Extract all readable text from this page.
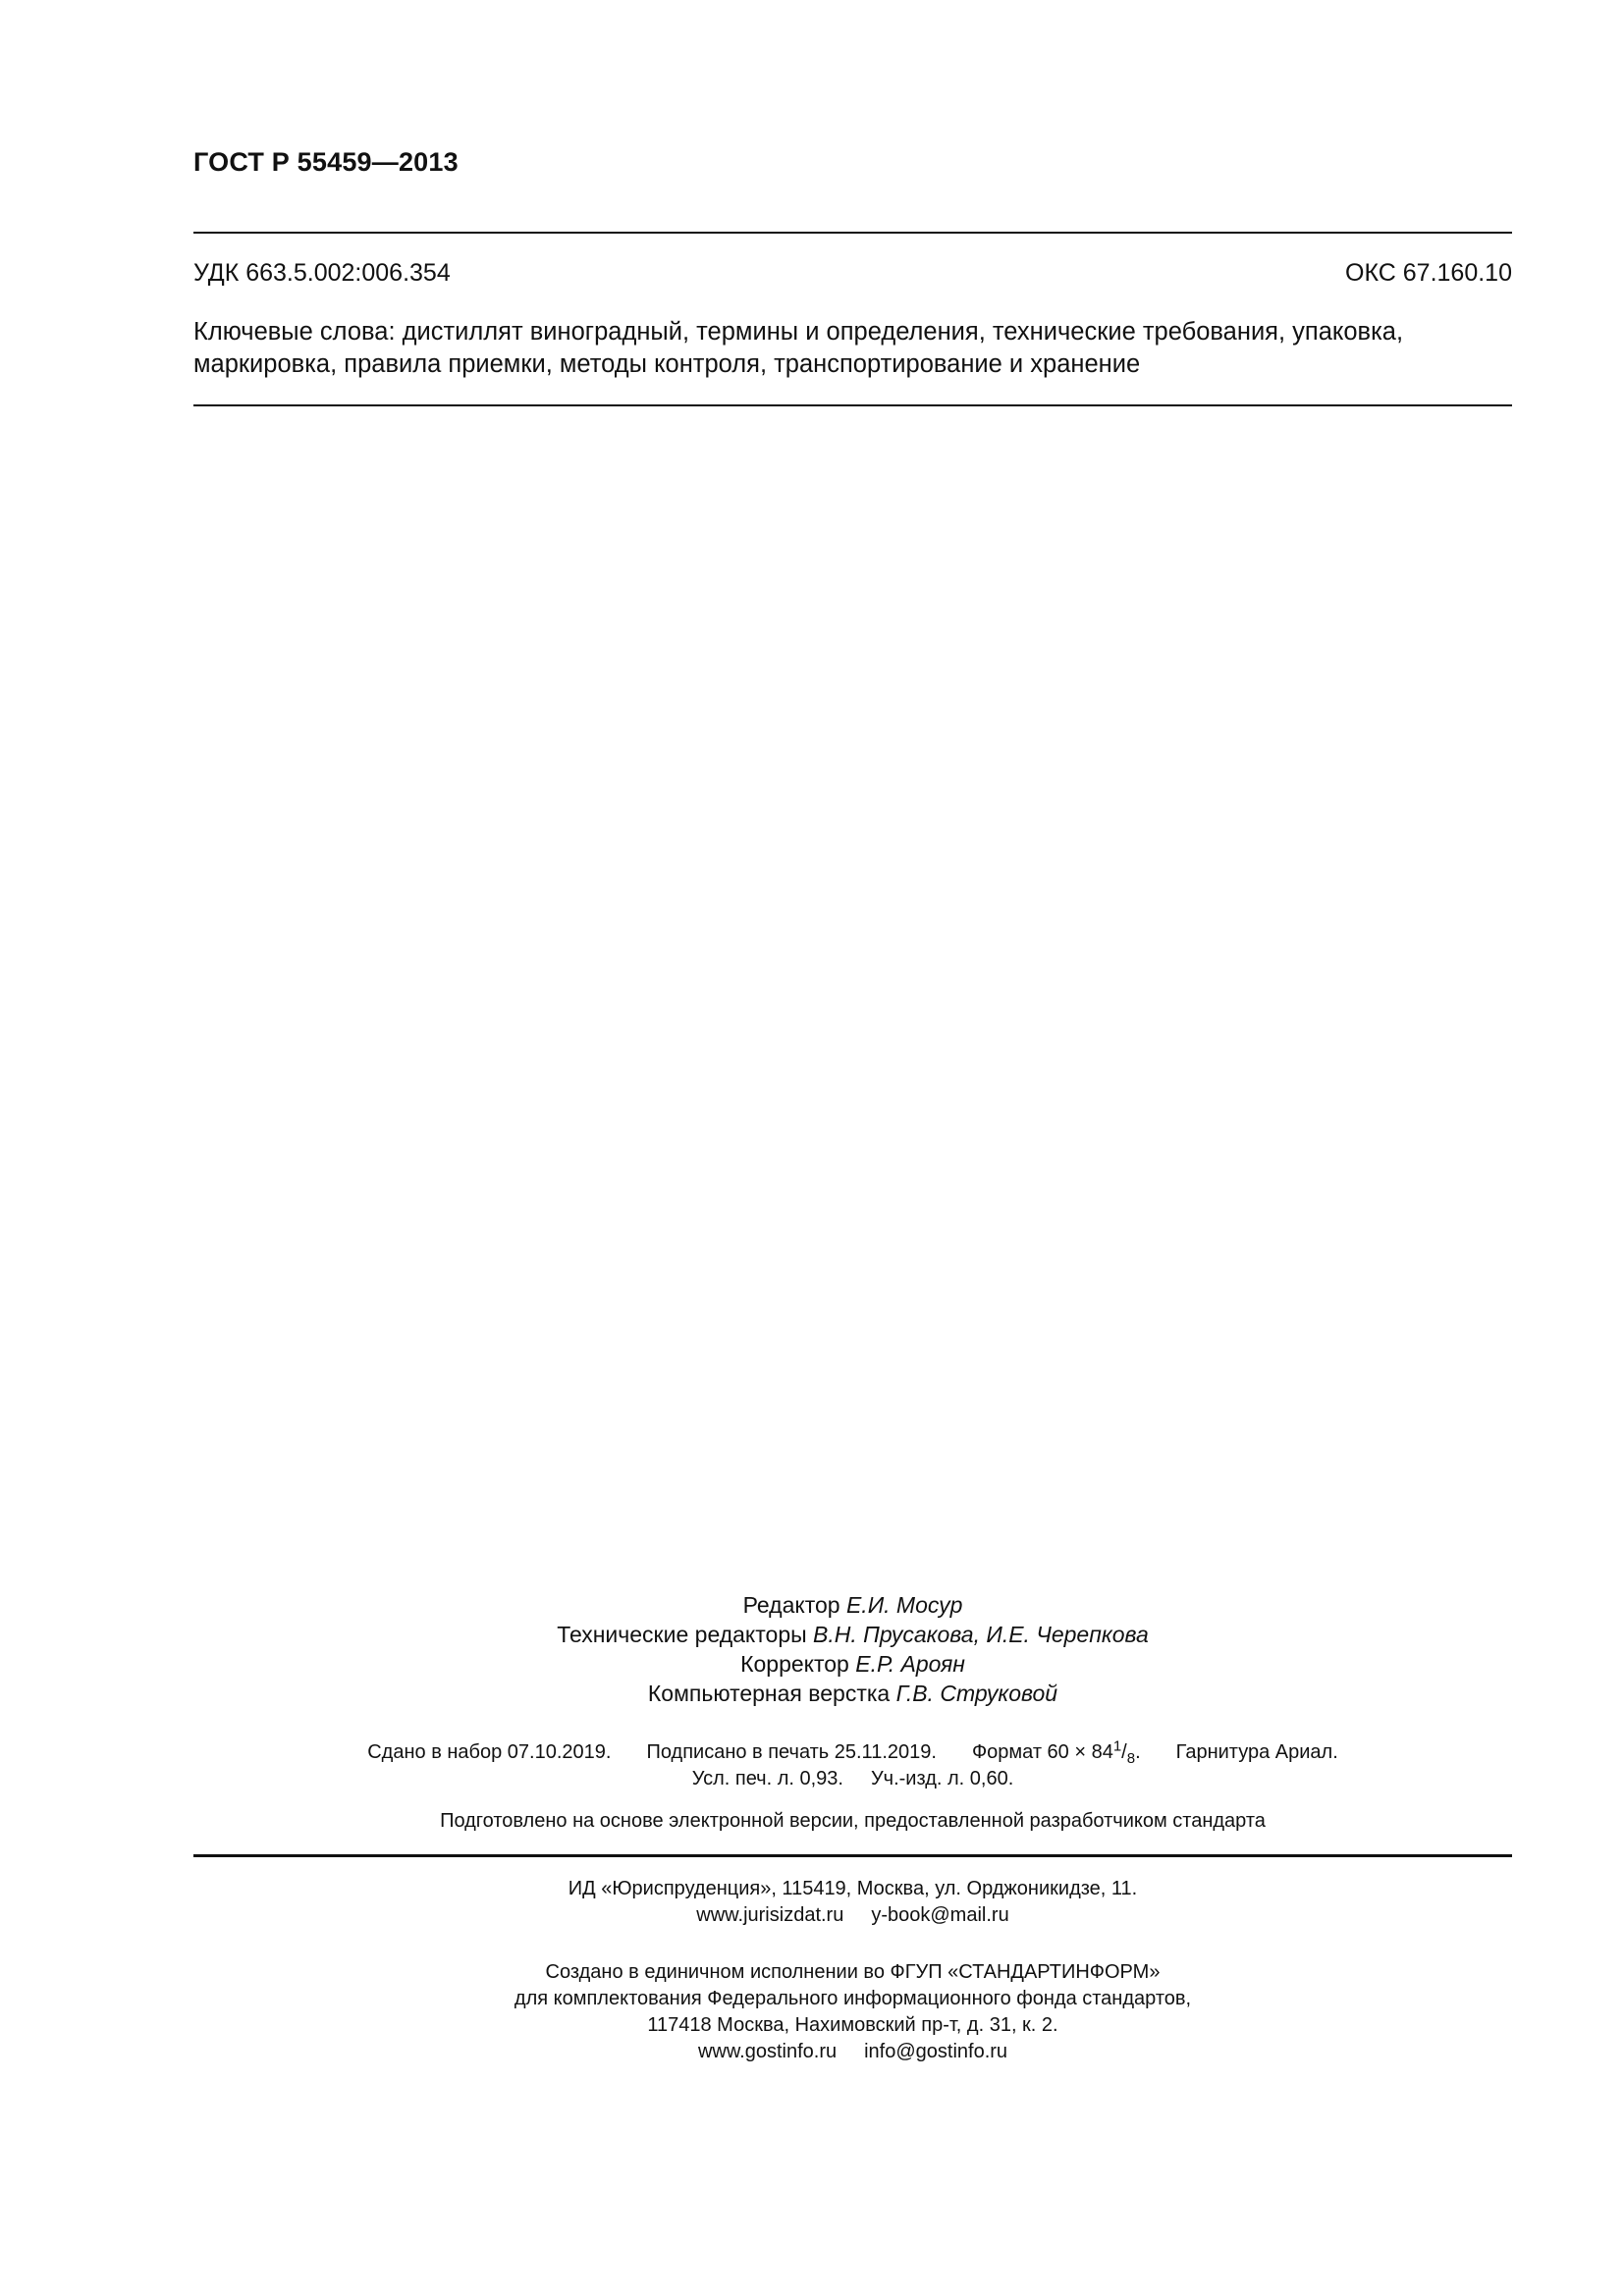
ГОСТ Р 55459—2013
УДК 663.5.002:006.354	ОКС 67.160.10
Ключевые слова: дистиллят виноградный, термины и определения, технические требования, упаковка,
маркировка, правила приемки, методы контроля, транспортирование и хранение
Редактор Е.И. Мосур
Технические редакторы В.Н. Прусакова, И.Е. Черепкова
Корректор Е.Р. Ароян
Компьютерная верстка Г.В. Струковой
Сдано в набор 07.10.2019. Подписано в печать 25.11.2019. Формат $60 \times 84^1/_8$. Гарнитура Ариал.
Усл. печ. л. 0,93. Уч.-изд. л. 0,60.
Подготовлено на основе электронной версии, предоставленной разработчиком стандарта
ИД «Юриспруденция», 115419, Москва, ул. Орджоникидзе, 11.
www.jurisizdat.ru y-book@mail.ru
Создано в единичном исполнении во ФГУП «СТАНДАРТИНФОРМ»
для комплектования Федерального информационного фонда стандартов,
117418 Москва, Нахимовский пр-т, д. 31, к. 2.
www.gostinfo.ru info@gostinfo.ru
